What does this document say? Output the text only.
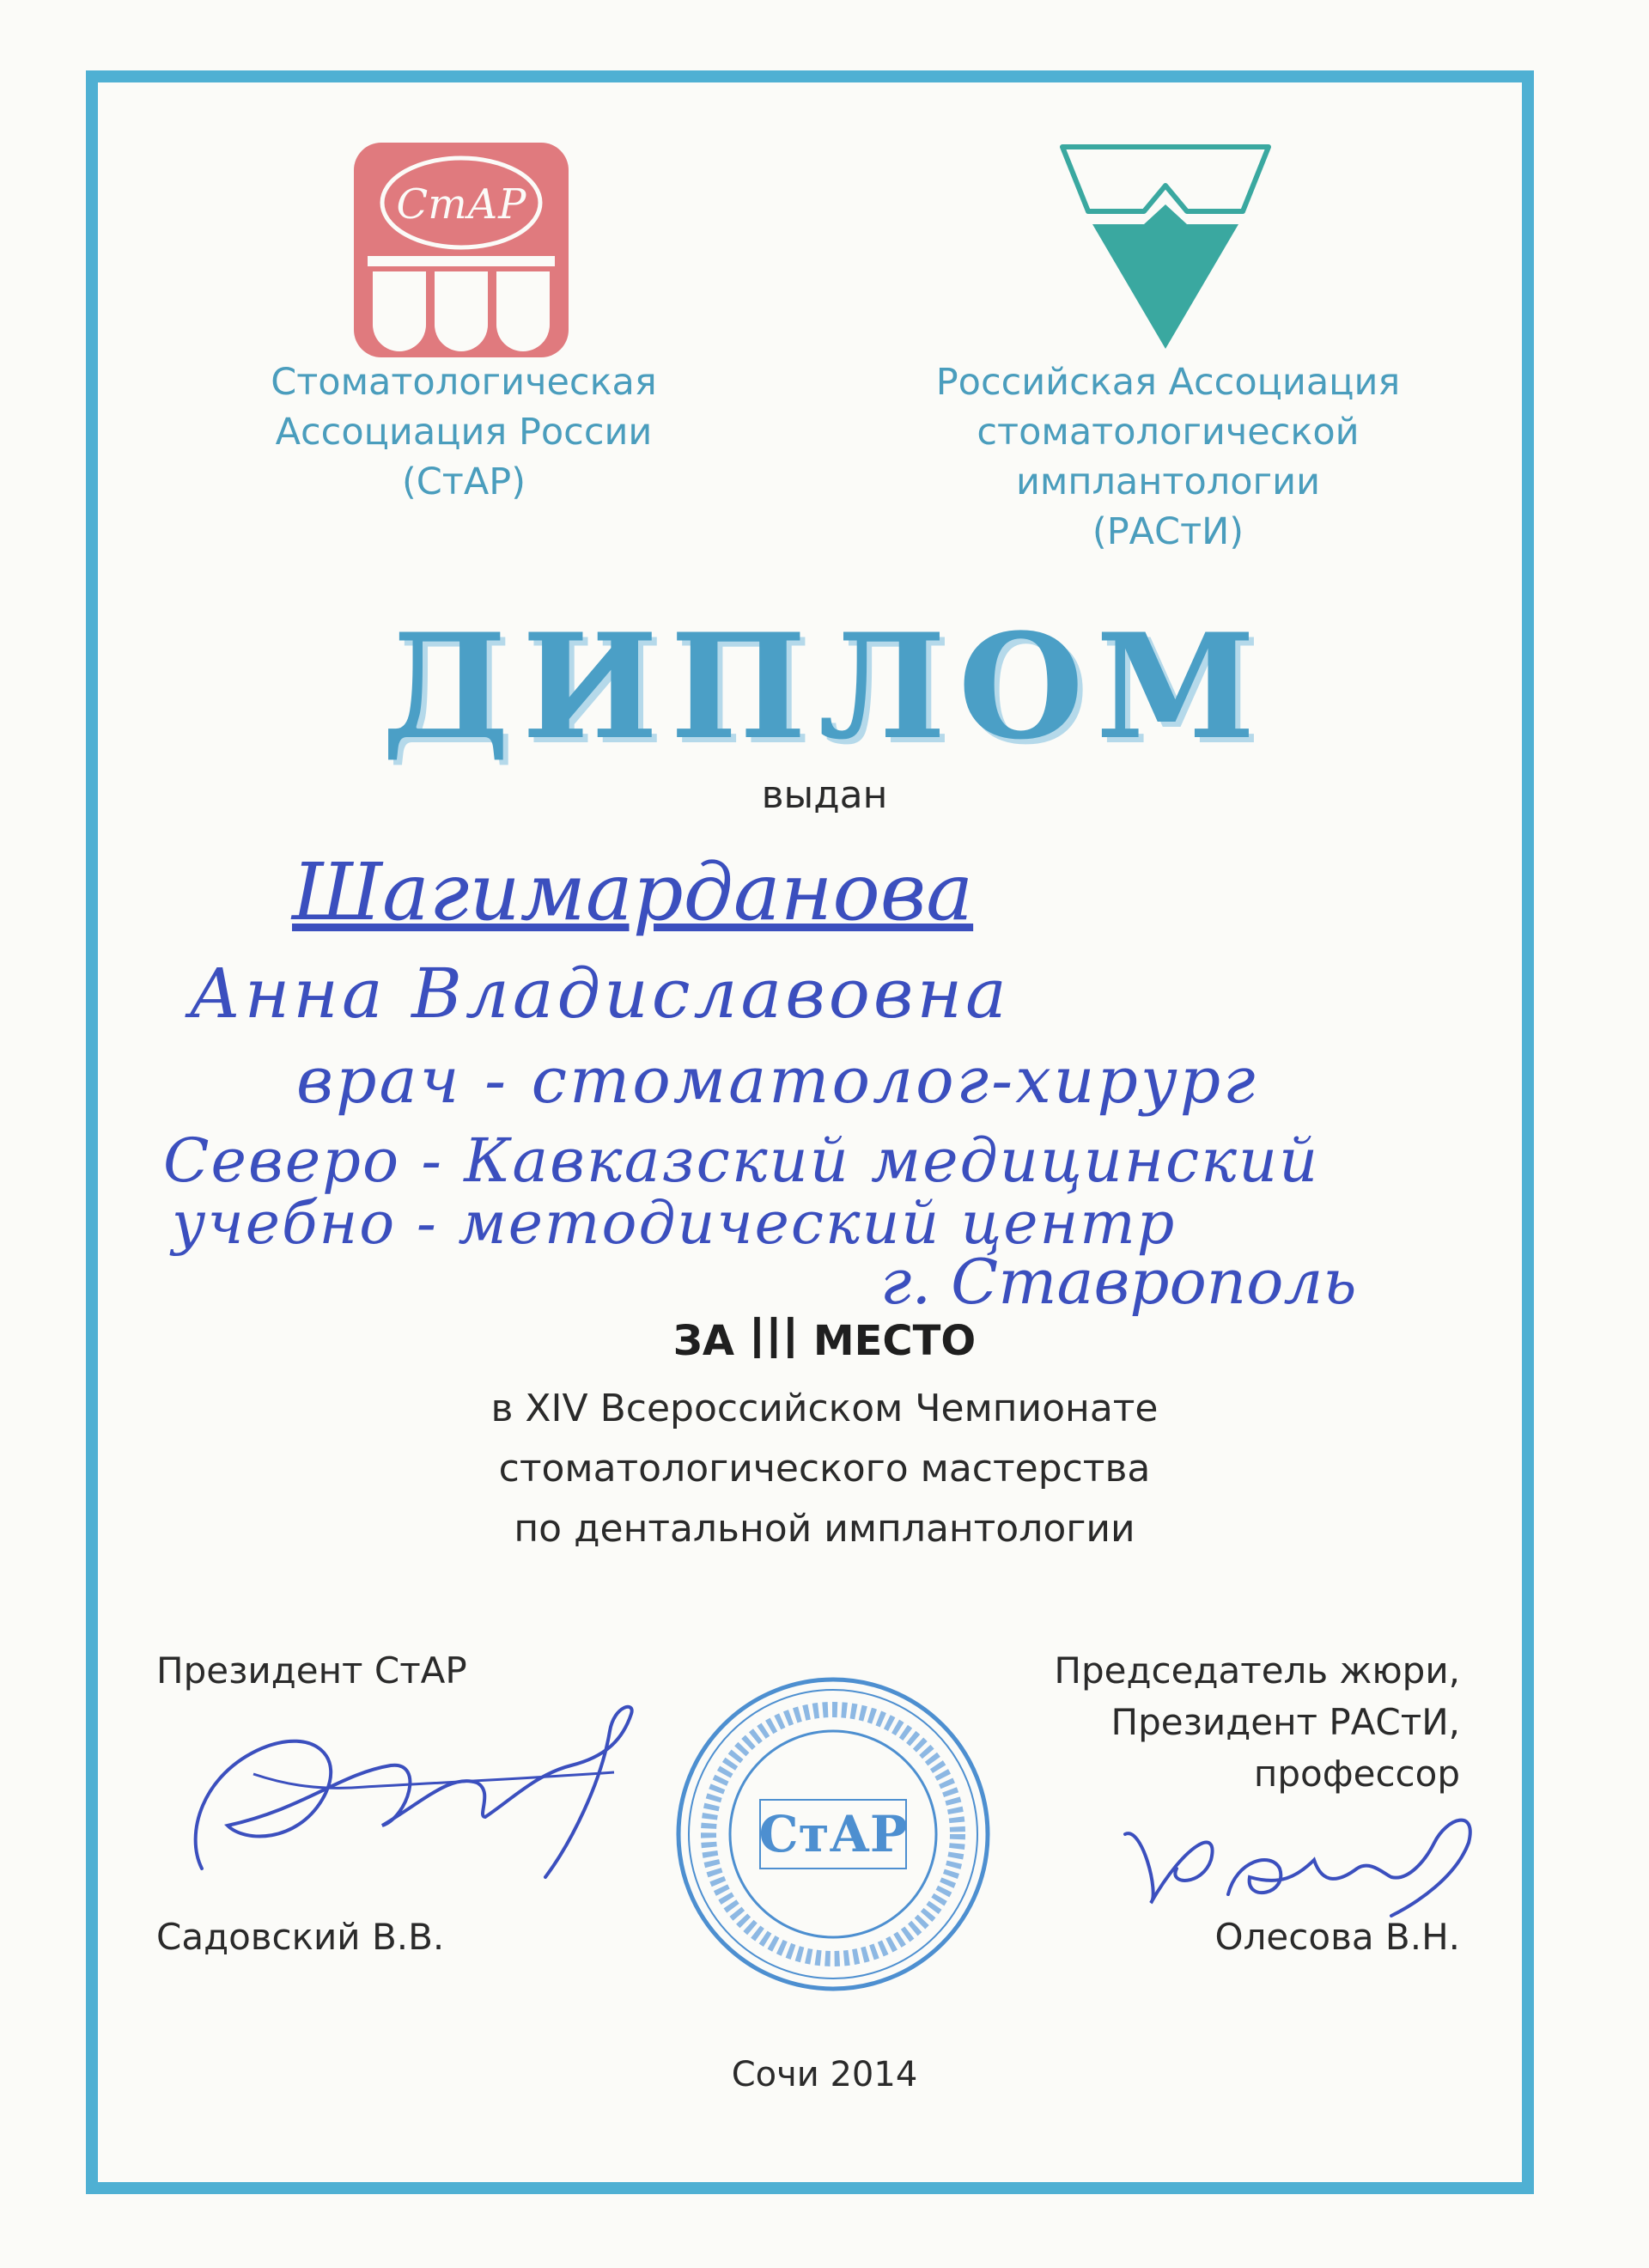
СтАР
Стоматологическая
Ассоциация России
(СтАР)
Российская Ассоциация
стоматологической
имплантологии
(РАСтИ)
ДИПЛОМ
выдан
Шагимарданова
Анна Владиславовна
врач - стоматолог-хирург
Северо - Кавказский медицинский
учебно - методический центр
г. Ставрополь
ЗА III МЕСТО
в XIV Всероссийском Чемпионате
стоматологического мастерства
по дентальной имплантологии
Президент СтАР
Садовский В.В.
СтАР
Председатель жюри,
Президент РАСтИ,
профессор
Олесова В.Н.
Сочи 2014
